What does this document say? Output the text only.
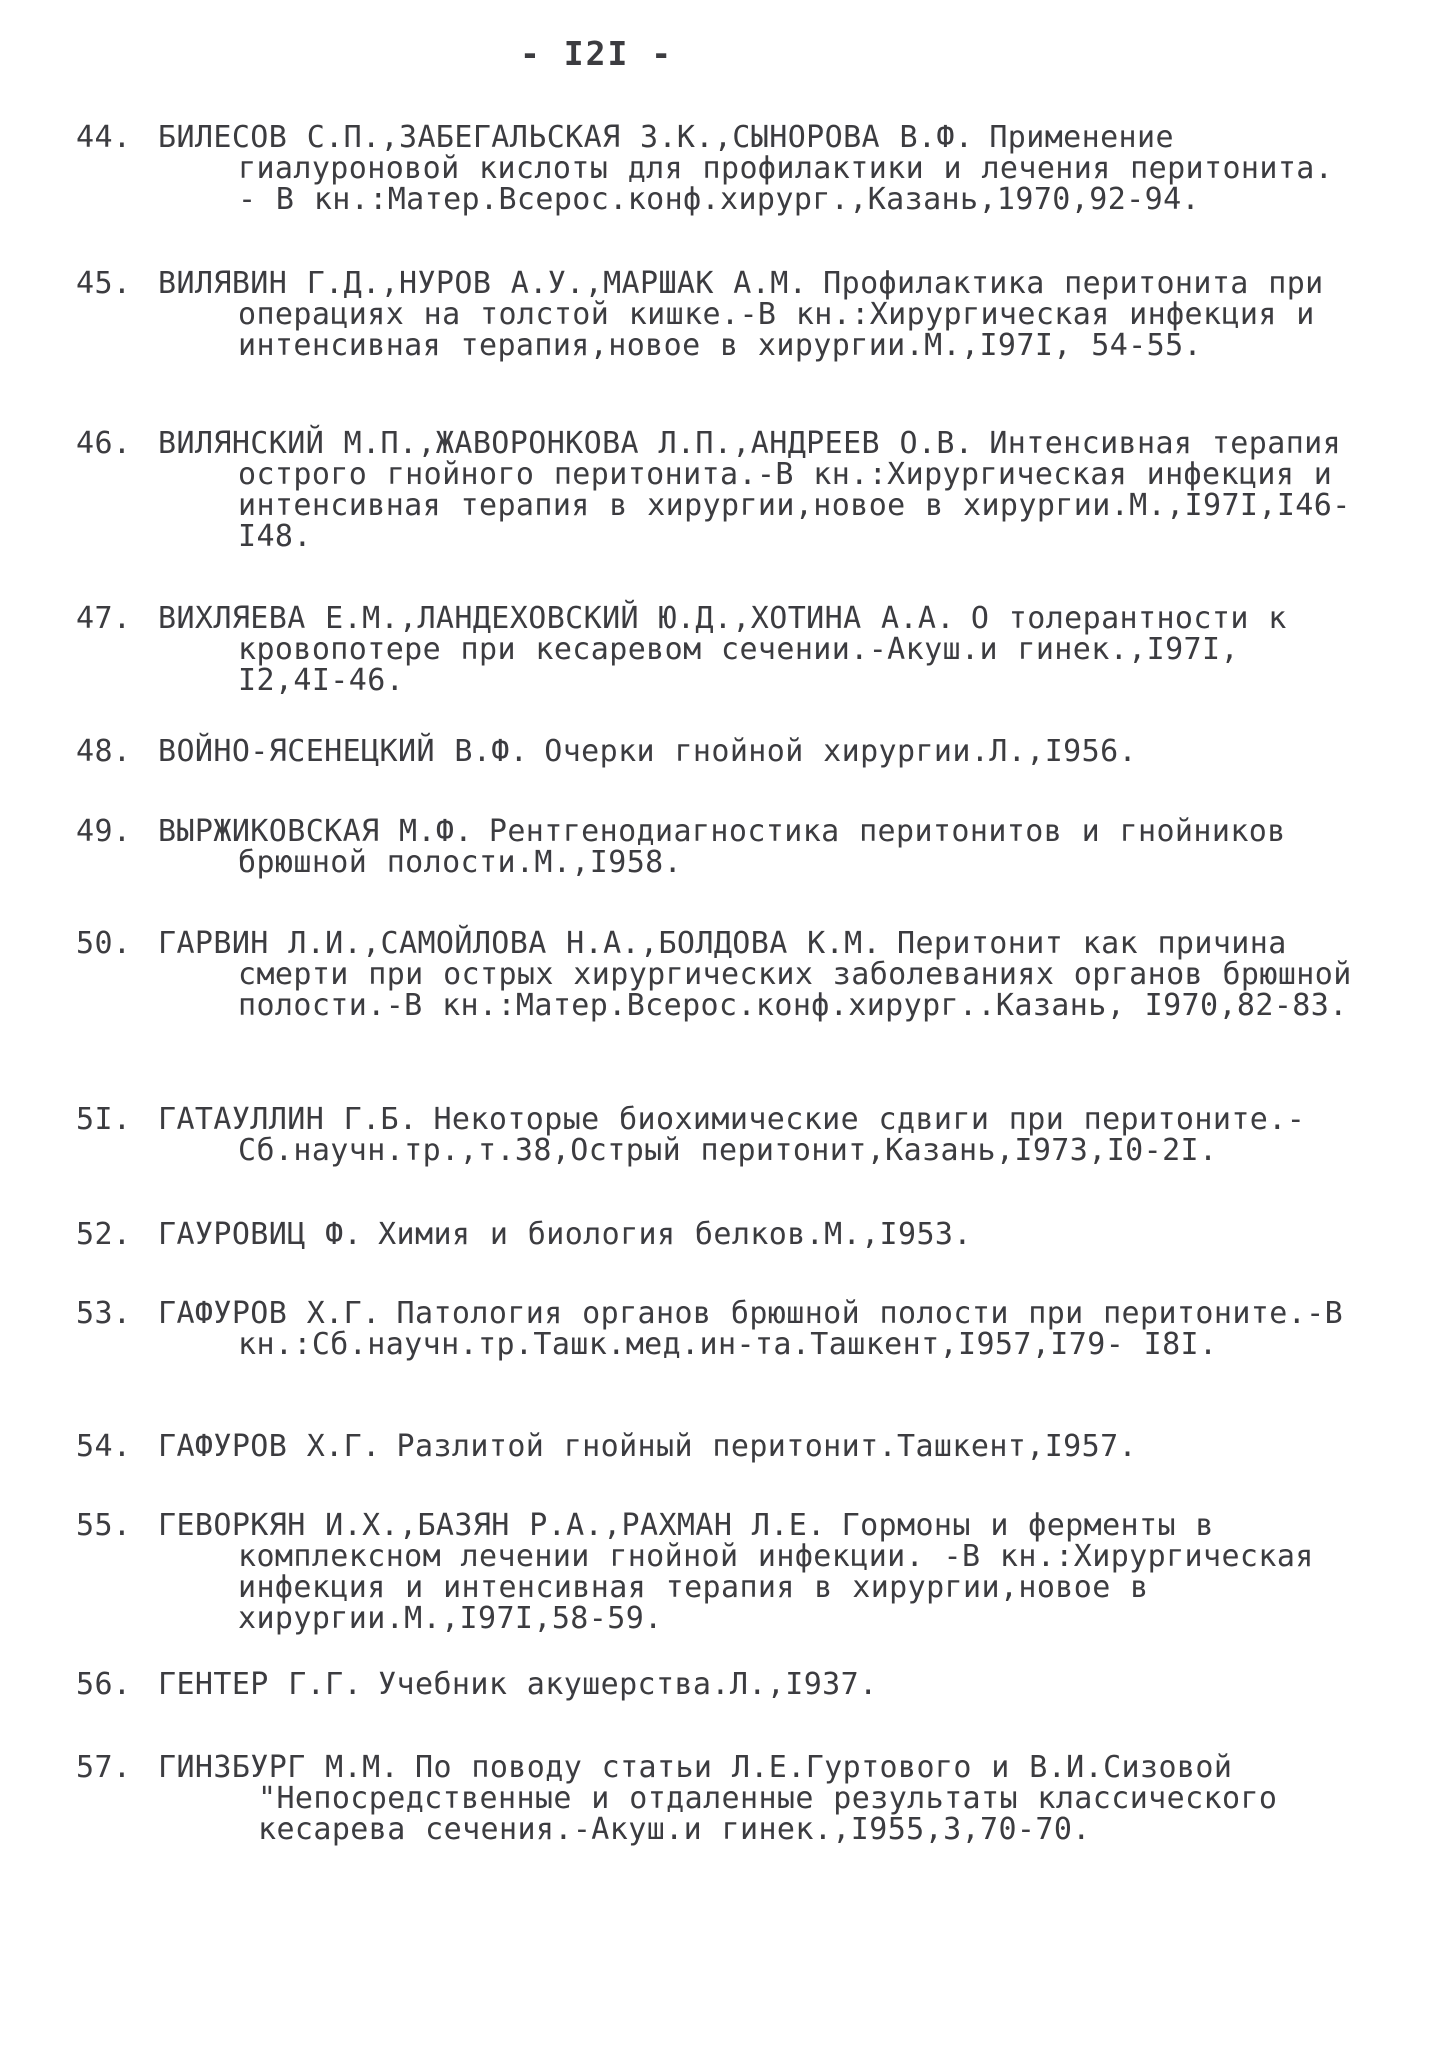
- I2I -
44. БИЛЕСОВ С.П.,ЗАБЕГАЛЬСКАЯ З.К.,СЫНОРОВА В.Ф. Применение гиалуроновой кислоты для профилактики и лечения перитонита. - В кн.:Матер.Всерос.конф.хирург.,Казань,1970,92-94.
45. ВИЛЯВИН Г.Д.,НУРОВ А.У.,МАРШАК А.М. Профилактика перитонита при операциях на толстой кишке.-В кн.:Хирургическая инфекция и интенсивная терапия,новое в хирургии.М.,I97I, 54-55.
46. ВИЛЯНСКИЙ М.П.,ЖАВОРОНКОВА Л.П.,АНДРЕЕВ О.В. Интенсивная терапия острого гнойного перитонита.-В кн.:Хирургическая инфекция и интенсивная терапия в хирургии,новое в хирургии.М.,I97I,I46-I48.
47. ВИХЛЯЕВА Е.М.,ЛАНДЕХОВСКИЙ Ю.Д.,ХОТИНА А.А. О толерантности к кровопотере при кесаревом сечении.-Акуш.и гинек.,I97I, I2,4I-46.
48. ВОЙНО-ЯСЕНЕЦКИЙ В.Ф. Очерки гнойной хирургии.Л.,I956.
49. ВЫРЖИКОВСКАЯ М.Ф. Рентгенодиагностика перитонитов и гнойников брюшной полости.М.,I958.
50. ГАРВИН Л.И.,САМОЙЛОВА Н.А.,БОЛДОВА К.М. Перитонит как причина смерти при острых хирургических заболеваниях органов брюшной полости.-В кн.:Матер.Всерос.конф.хирург..Казань, I970,82-83.
5I. ГАТАУЛЛИН Г.Б. Некоторые биохимические сдвиги при перитоните.- Сб.научн.тр.,т.38,Острый перитонит,Казань,I973,I0-2I.
52. ГАУРОВИЦ Ф. Химия и биология белков.М.,I953.
53. ГАФУРОВ Х.Г. Патология органов брюшной полости при перитоните.-В кн.:Сб.научн.тр.Ташк.мед.ин-та.Ташкент,I957,I79- I8I.
54. ГАФУРОВ Х.Г. Разлитой гнойный перитонит.Ташкент,I957.
55. ГЕВОРКЯН И.Х.,БАЗЯН Р.А.,РАХМАН Л.Е. Гормоны и ферменты в комплексном лечении гнойной инфекции. -В кн.:Хирургическая инфекция и интенсивная терапия в хирургии,новое в хирургии.М.,I97I,58-59.
56. ГЕНТЕР Г.Г. Учебник акушерства.Л.,I937.
57. ГИНЗБУРГ М.М. По поводу статьи Л.Е.Гуртового и В.И.Сизовой "Непосредственные и отдаленные результаты классического кесарева сечения.-Акуш.и гинек.,I955,3,70-70.
